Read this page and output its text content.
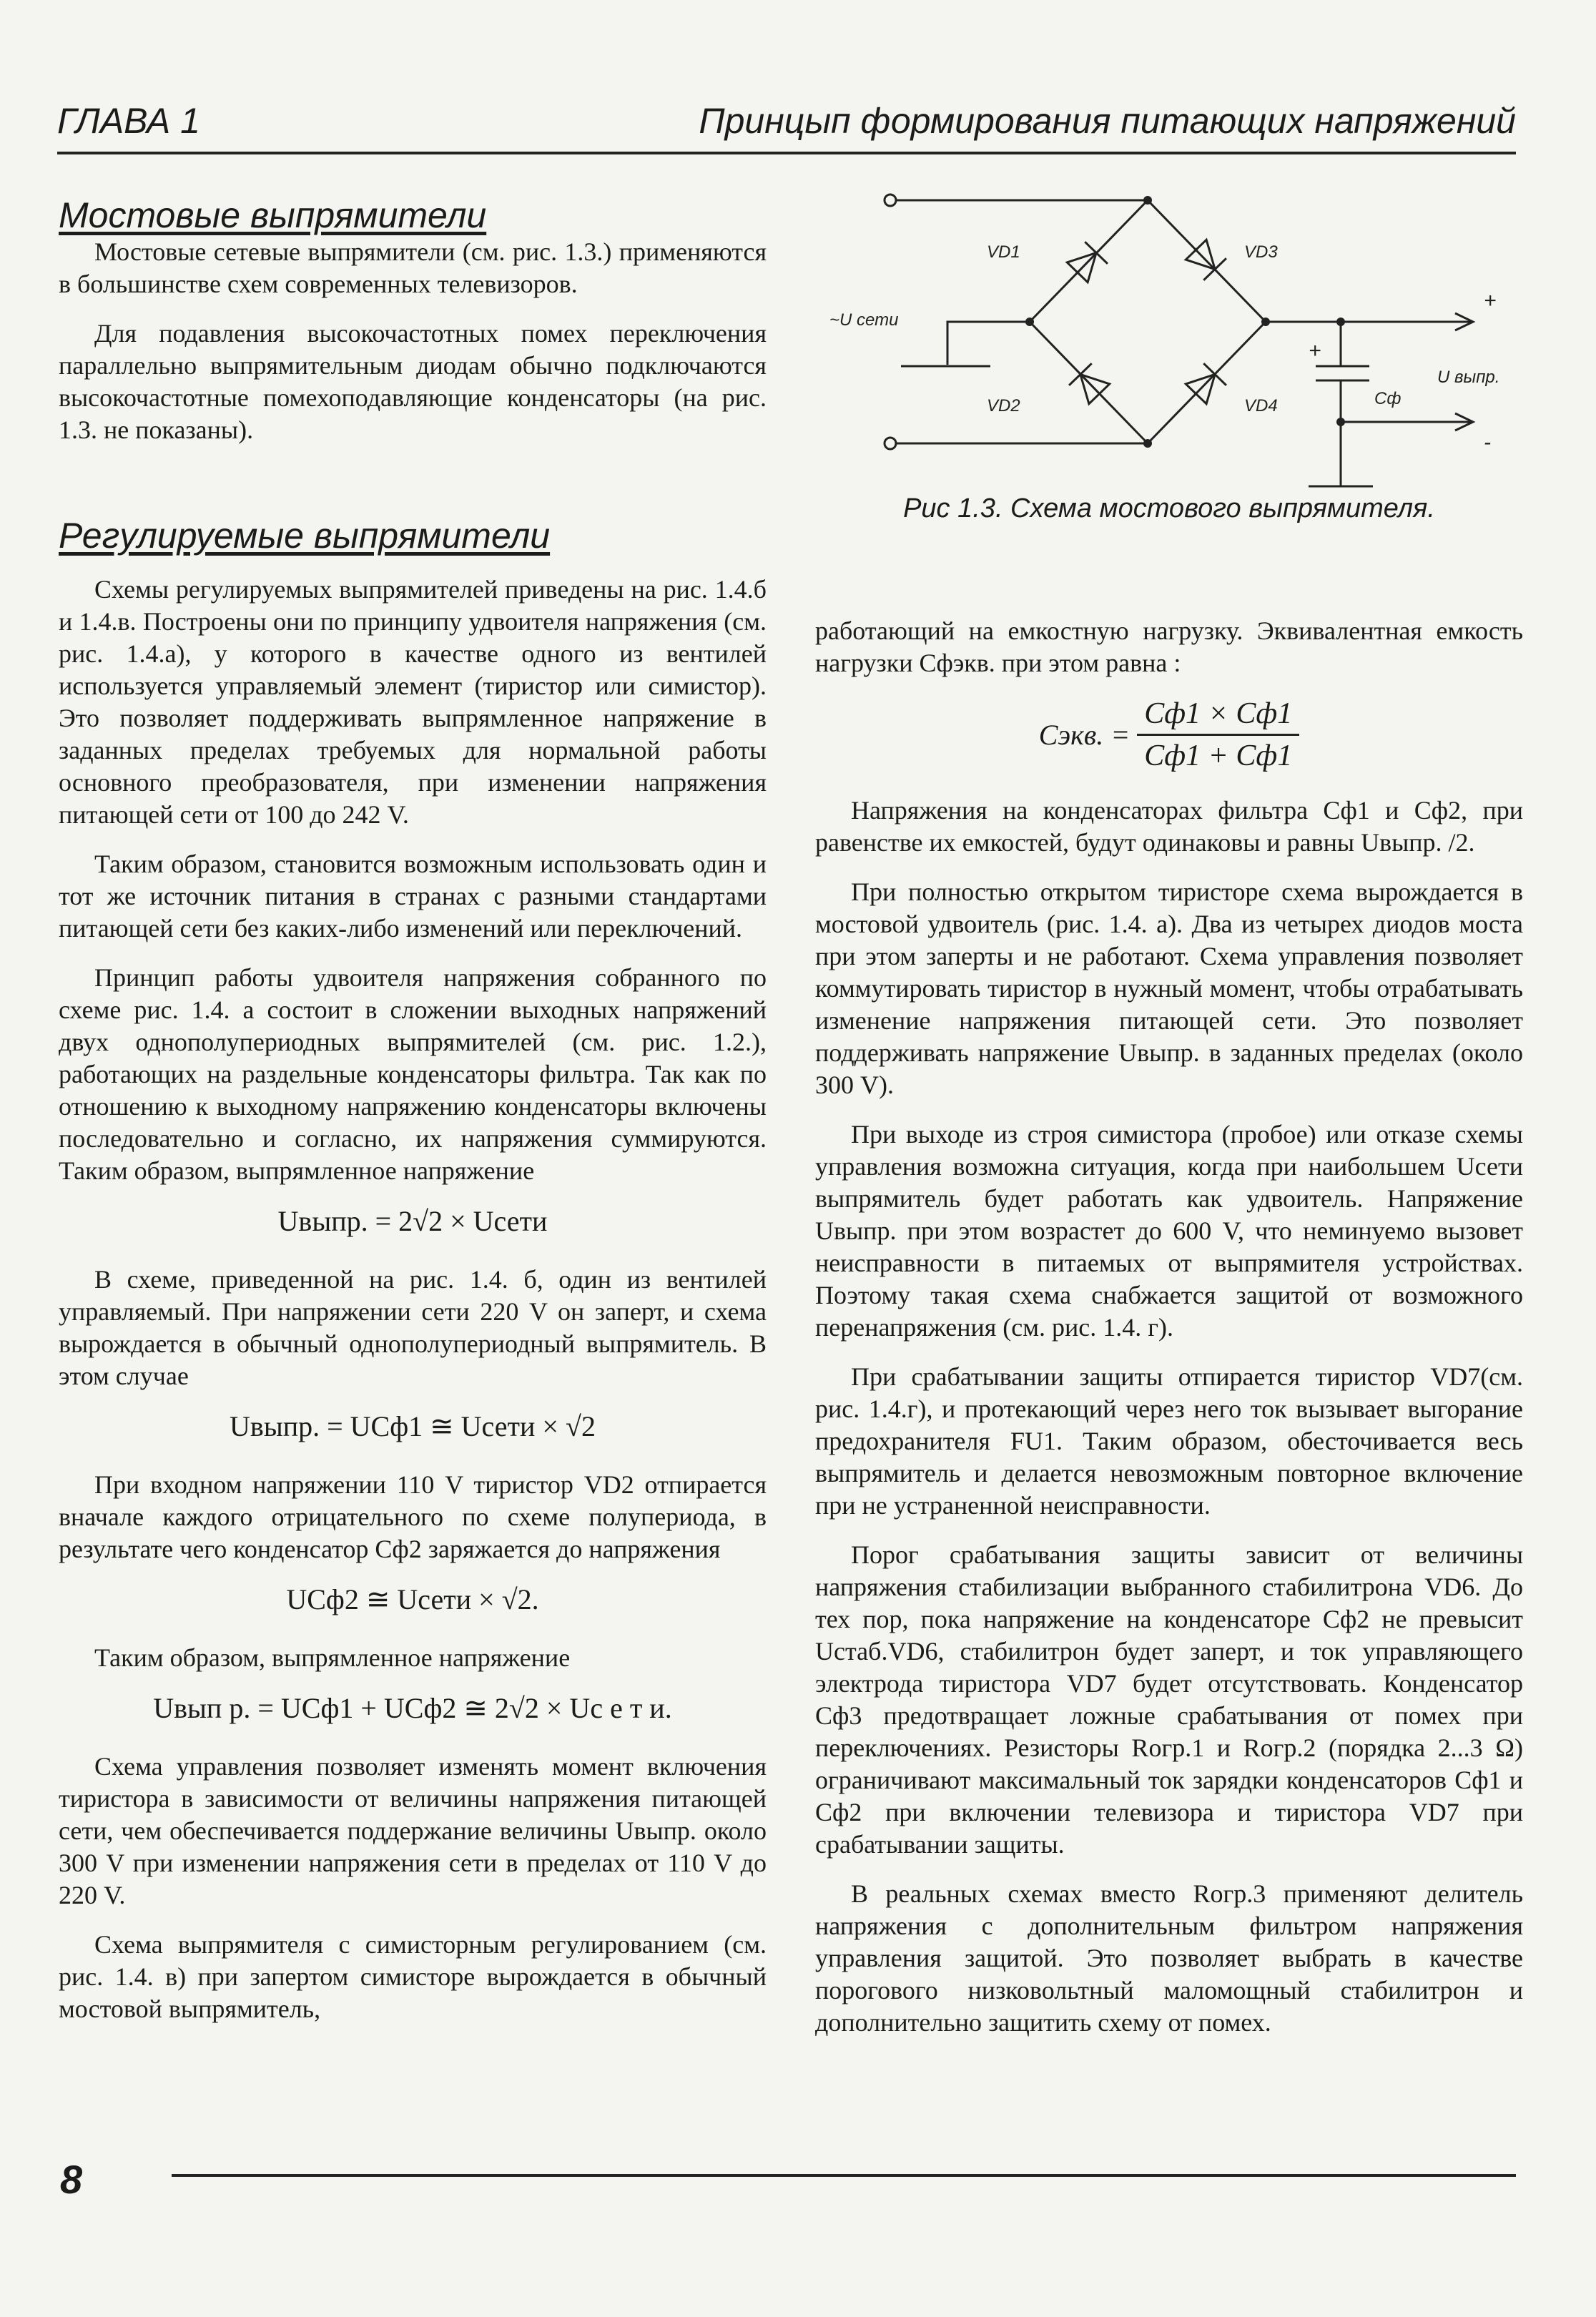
ГЛАВА 1	Принцып формирования питающих напряжений
Мостовые выпрямители

Мостовые сетевые выпрямители (см. рис. 1.3.) применяются в большинстве схем современных телевизоров.

Для подавления высокочастотных помех переключения параллельно выпрямительным диодам обычно подключаются высокочастотные помехоподавляющие конденсаторы (на рис. 1.3. не показаны).

Регулируемые выпрямители

Схемы регулируемых выпрямителей приведены на рис. 1.4.б и 1.4.в. Построены они по принципу удвоителя напряжения (см. рис. 1.4.а), у которого в качестве одного из вентилей используется управляемый элемент (тиристор или симистор). Это позволяет поддерживать выпрямленное напряжение в заданных пределах требуемых для нормальной работы основного преобразователя, при изменении напряжения питающей сети от 100 до 242 V.

Таким образом, становится возможным использовать один и тот же источник питания в странах с разными стандартами питающей сети без каких-либо изменений или переключений.

Принцип работы удвоителя напряжения собранного по схеме рис. 1.4. а состоит в сложении выходных напряжений двух однополупериодных выпрямителей (см. рис. 1.2.), работающих на раздельные конденсаторы фильтра. Так как по отношению к выходному напряжению конденсаторы включены последовательно и согласно, их напряжения суммируются. Таким образом, выпрямленное напряжение

Uвыпр. = 2√2 × Uсети

В схеме, приведенной на рис. 1.4. б, один из вентилей управляемый. При напряжении сети 220 V он заперт, и схема вырождается в обычный однополупериодный выпрямитель. В этом случае

Uвыпр. = UCф1 ≅ Uсети × √2

При входном напряжении 110 V тиристор VD2 отпирается вначале каждого отрицательного по схеме полупериода, в результате чего конденсатор Cф2 заряжается до напряжения

UCф2 ≅ Uсети × √2.

Таким образом, выпрямленное напряжение

Uвып р. = UCф1 + UCф2 ≅ 2√2 × Uс е т и.

Схема управления позволяет изменять момент включения тиристора в зависимости от величины напряжения питающей сети, чем обеспечивается поддержание величины Uвыпр. около 300 V при изменении напряжения сети в пределах от 110 V до 220 V.

Схема выпрямителя с симисторным регулированием (см. рис. 1.4. в) при запертом симисторе вырождается в обычный мостовой выпрямитель,

VD1	VD3
VD2	VD4
~U сети
Cф
U выпр.
+
-
+
Рис 1.3. Схема мостового выпрямителя.

работающий на емкостную нагрузку. Эквивалентная емкость нагрузки Cфэкв. при этом равна :

Cэкв. = $\frac{Cф1 \times Cф1}{Cф1 + Cф1}$

Напряжения на конденсаторах фильтра Cф1 и Cф2, при равенстве их емкостей, будут одинаковы и равны Uвыпр. /2.

При полностью открытом тиристоре схема вырождается в мостовой удвоитель (рис. 1.4. а). Два из четырех диодов моста при этом заперты и не работают. Схема управления позволяет коммутировать тиристор в нужный момент, чтобы отрабатывать изменение напряжения питающей сети. Это позволяет поддерживать напряжение Uвыпр. в заданных пределах (около 300 V).

При выходе из строя симистора (пробое) или отказе схемы управления возможна ситуация, когда при наибольшем Uсети выпрямитель будет работать как удвоитель. Напряжение Uвыпр. при этом возрастет до 600 V, что неминуемо вызовет неисправности в питаемых от выпрямителя устройствах. Поэтому такая схема снабжается защитой от возможного перенапряжения (см. рис. 1.4. г).

При срабатывании защиты отпирается тиристор VD7(см. рис. 1.4.г), и протекающий через него ток вызывает выгорание предохранителя FU1. Таким образом, обесточивается весь выпрямитель и делается невозможным повторное включение при не устраненной неисправности.

Порог срабатывания защиты зависит от величины напряжения стабилизации выбранного стабилитрона VD6. До тех пор, пока напряжение на конденсаторе Cф2 не превысит Uстаб.VD6, стабилитрон будет заперт, и ток управляющего электрода тиристора VD7 будет отсутствовать. Конденсатор Cф3 предотвращает ложные срабатывания от помех при переключениях. Резисторы Rогр.1 и Rогр.2 (порядка 2...3 Ω) ограничивают максимальный ток зарядки конденсаторов Cф1 и Cф2 при включении телевизора и тиристора VD7 при срабатывании защиты.

В реальных схемах вместо Rогр.3 применяют делитель напряжения с дополнительным фильтром напряжения управления защитой. Это позволяет выбрать в качестве порогового низковольтный маломощный стабилитрон и дополнительно защитить схему от помех.

8
